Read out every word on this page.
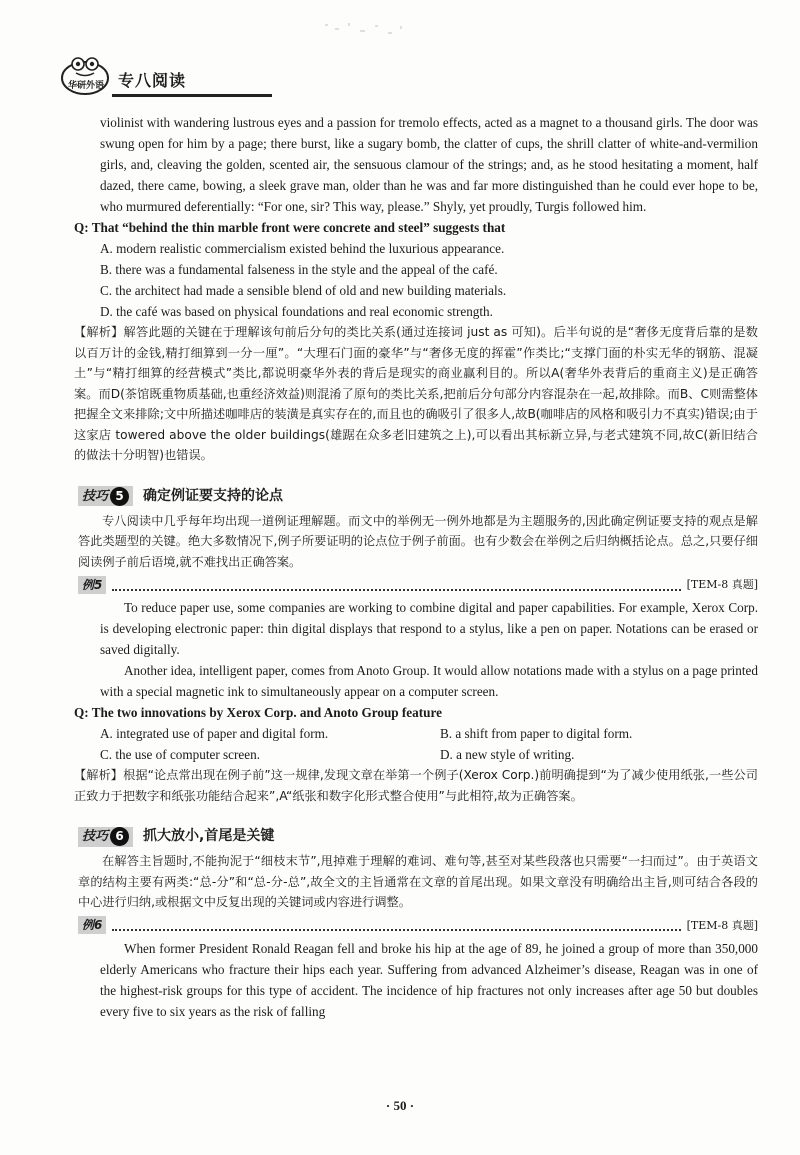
华研外语 专八阅读

violinist with wandering lustrous eyes and a passion for tremolo effects, acted as a magnet to a thousand girls. The door was swung open for him by a page; there burst, like a sugary bomb, the clatter of cups, the shrill clatter of white-and-vermilion girls, and, cleaving the golden, scented air, the sensuous clamour of the strings; and, as he stood hesitating a moment, half dazed, there came, bowing, a sleek grave man, older than he was and far more distinguished than he could ever hope to be, who murmured deferentially: “For one, sir? This way, please.” Shyly, yet proudly, Turgis followed him.

Q: That “behind the thin marble front were concrete and steel” suggests that

A. modern realistic commercialism existed behind the luxurious appearance.

B. there was a fundamental falseness in the style and the appeal of the café.

C. the architect had made a sensible blend of old and new building materials.

D. the café was based on physical foundations and real economic strength.

【解析】解答此题的关键在于理解该句前后分句的类比关系(通过连接词 just as 可知)。后半句说的是“奢侈无度背后靠的是数以百万计的金钱,精打细算到一分一厘”。“大理石门面的豪华”与“奢侈无度的挥霍”作类比;“支撑门面的朴实无华的钢筋、混凝土”与“精打细算的经营模式”类比,都说明豪华外表的背后是现实的商业赢利目的。所以A(奢华外表背后的重商主义)是正确答案。而D(茶馆既重物质基础,也重经济效益)则混淆了原句的类比关系,把前后分句部分内容混杂在一起,故排除。而B、C则需整体把握全文来排除;文中所描述咖啡店的装潢是真实存在的,而且也的确吸引了很多人,故B(咖啡店的风格和吸引力不真实)错误;由于这家店 towered above the older buildings(雄踞在众多老旧建筑之上),可以看出其标新立异,与老式建筑不同,故C(新旧结合的做法十分明智)也错误。

技巧 5	确定例证要支持的论点

专八阅读中几乎每年均出现一道例证理解题。而文中的举例无一例外地都是为主题服务的,因此确定例证要支持的观点是解答此类题型的关键。绝大多数情况下,例子所要证明的论点位于例子前面。也有少数会在举例之后归纳概括论点。总之,只要仔细阅读例子前后语境,就不难找出正确答案。

例5	[TEM-8 真题]

To reduce paper use, some companies are working to combine digital and paper capabilities. For example, Xerox Corp. is developing electronic paper: thin digital displays that respond to a stylus, like a pen on paper. Notations can be erased or saved digitally.

Another idea, intelligent paper, comes from Anoto Group. It would allow notations made with a stylus on a page printed with a special magnetic ink to simultaneously appear on a computer screen.

Q: The two innovations by Xerox Corp. and Anoto Group feature

A. integrated use of paper and digital form.	B. a shift from paper to digital form.

C. the use of computer screen.	D. a new style of writing.

【解析】根据“论点常出现在例子前”这一规律,发现文章在举第一个例子(Xerox Corp.)前明确提到“为了减少使用纸张,一些公司正致力于把数字和纸张功能结合起来”,A“纸张和数字化形式整合使用”与此相符,故为正确答案。

技巧 6	抓大放小,首尾是关键

在解答主旨题时,不能拘泥于“细枝末节”,甩掉难于理解的难词、难句等,甚至对某些段落也只需要“一扫而过”。由于英语文章的结构主要有两类:“总-分”和“总-分-总”,故全文的主旨通常在文章的首尾出现。如果文章没有明确给出主旨,则可结合各段的中心进行归纳,或根据文中反复出现的关键词或内容进行调整。

例6	[TEM-8 真题]

When former President Ronald Reagan fell and broke his hip at the age of 89, he joined a group of more than 350,000 elderly Americans who fracture their hips each year. Suffering from advanced Alzheimer’s disease, Reagan was in one of the highest-risk groups for this type of accident. The incidence of hip fractures not only increases after age 50 but doubles every five to six years as the risk of falling

· 50 ·
